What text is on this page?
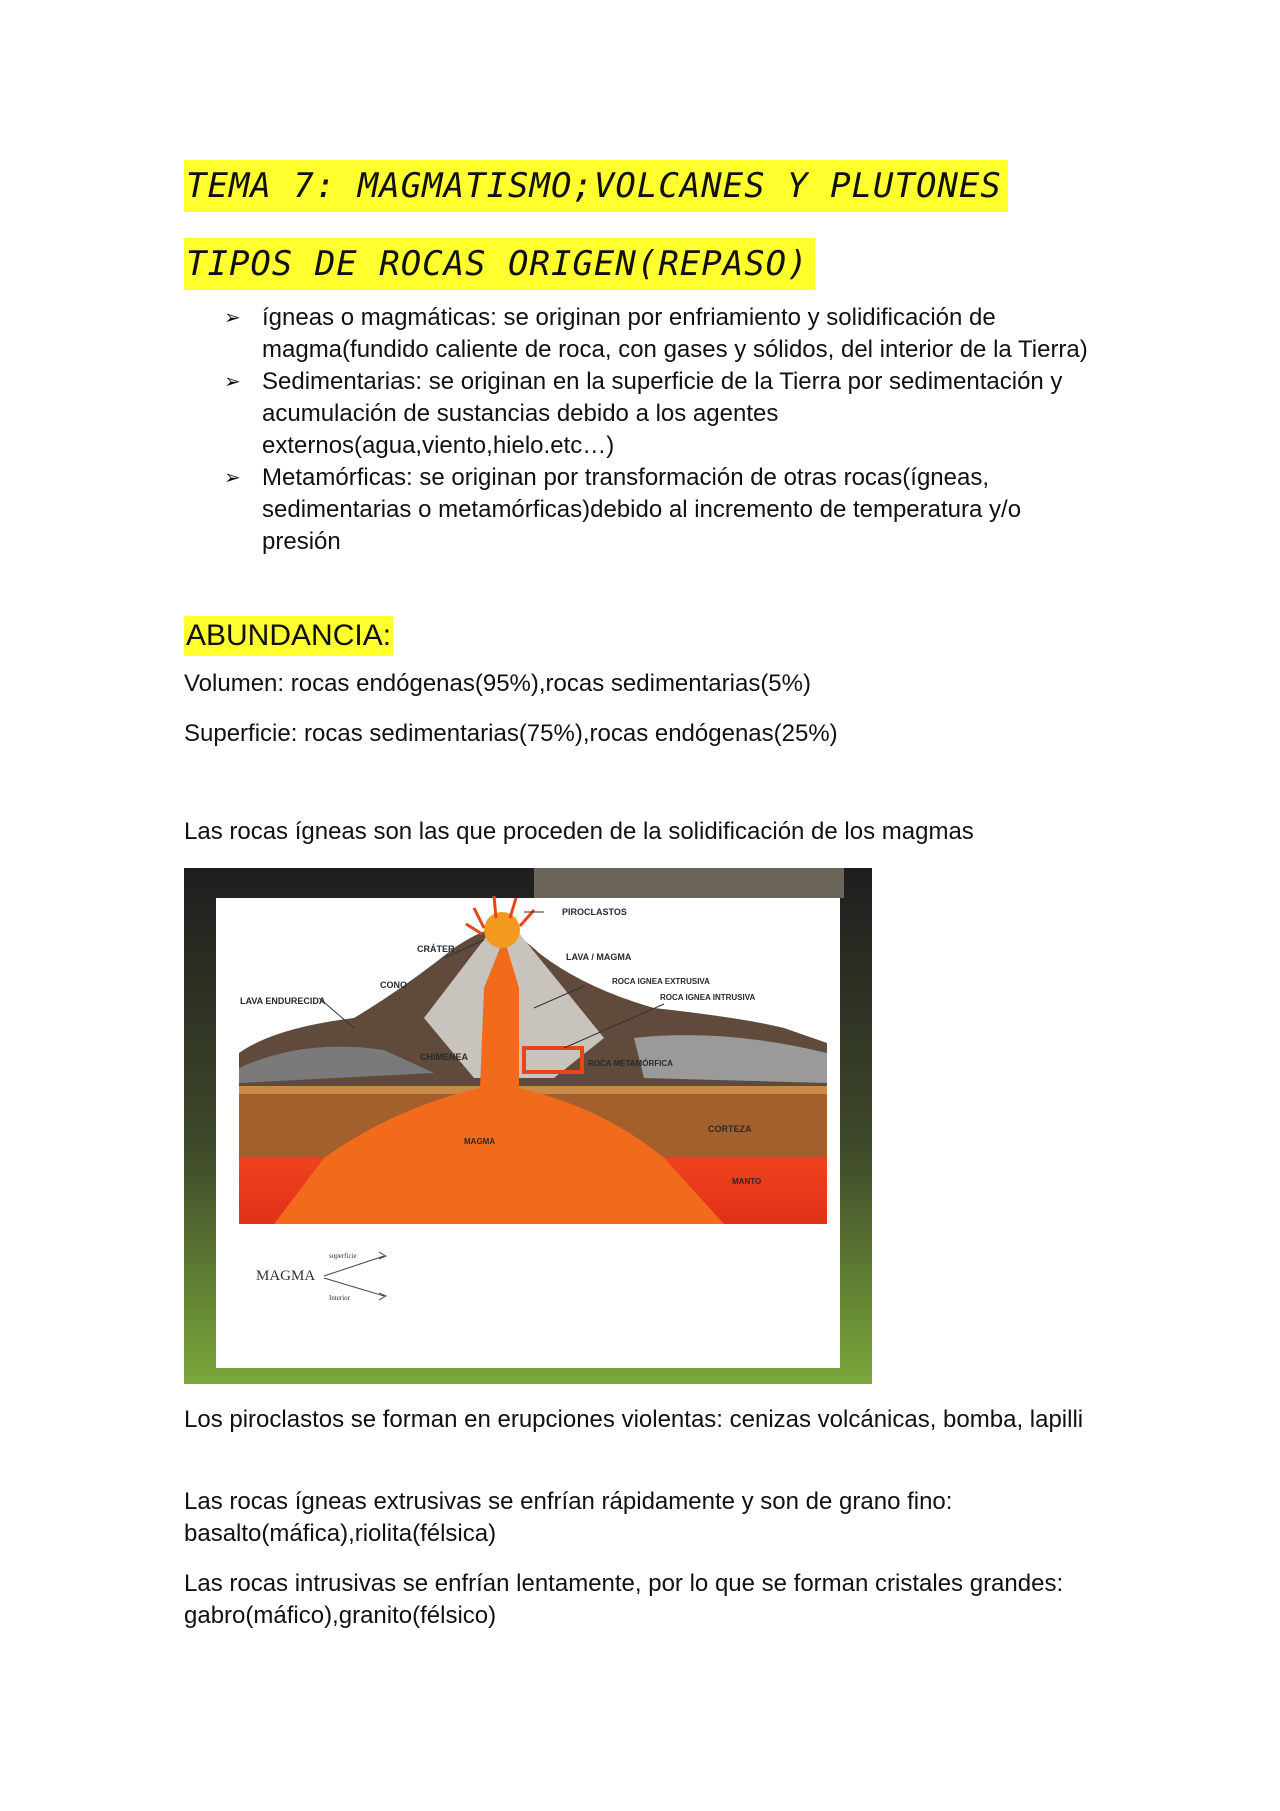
TEMA 7: MAGMATISMO;VOLCANES Y PLUTONES
TIPOS DE ROCAS ORIGEN(REPASO)
➢ ígneas o magmáticas: se originan por enfriamiento y solidificación de magma(fundido caliente de roca, con gases y sólidos, del interior de la Tierra)
➢ Sedimentarias: se originan en la superficie de la Tierra por sedimentación y acumulación de sustancias debido a los agentes externos(agua,viento,hielo.etc…)
➢ Metamórficas: se originan por transformación de otras rocas(ígneas, sedimentarias o metamórficas)debido al incremento de temperatura y/o presión
ABUNDANCIA:

Volumen: rocas endógenas(95%),rocas sedimentarias(5%)

Superficie: rocas sedimentarias(75%),rocas endógenas(25%)

Las rocas ígneas son las que proceden de la solidificación de los magmas

PIROCLASTOS
CRÁTER
LAVA / MAGMA
CONO	ROCA IGNEA EXTRUSIVA
ROCA IGNEA INTRUSIVA
LAVA ENDURECIDA
CHIMENEA
ROCA METAMÓRFICA
CORTEZA
MAGMA
MANTO
MAGMA
superficie
Interior

Los piroclastos se forman en erupciones violentas: cenizas volcánicas, bomba, lapilli

Las rocas ígneas extrusivas se enfrían rápidamente y son de grano fino: basalto(máfica),riolita(félsica)

Las rocas intrusivas se enfrían lentamente, por lo que se forman cristales grandes: gabro(máfico),granito(félsico)
